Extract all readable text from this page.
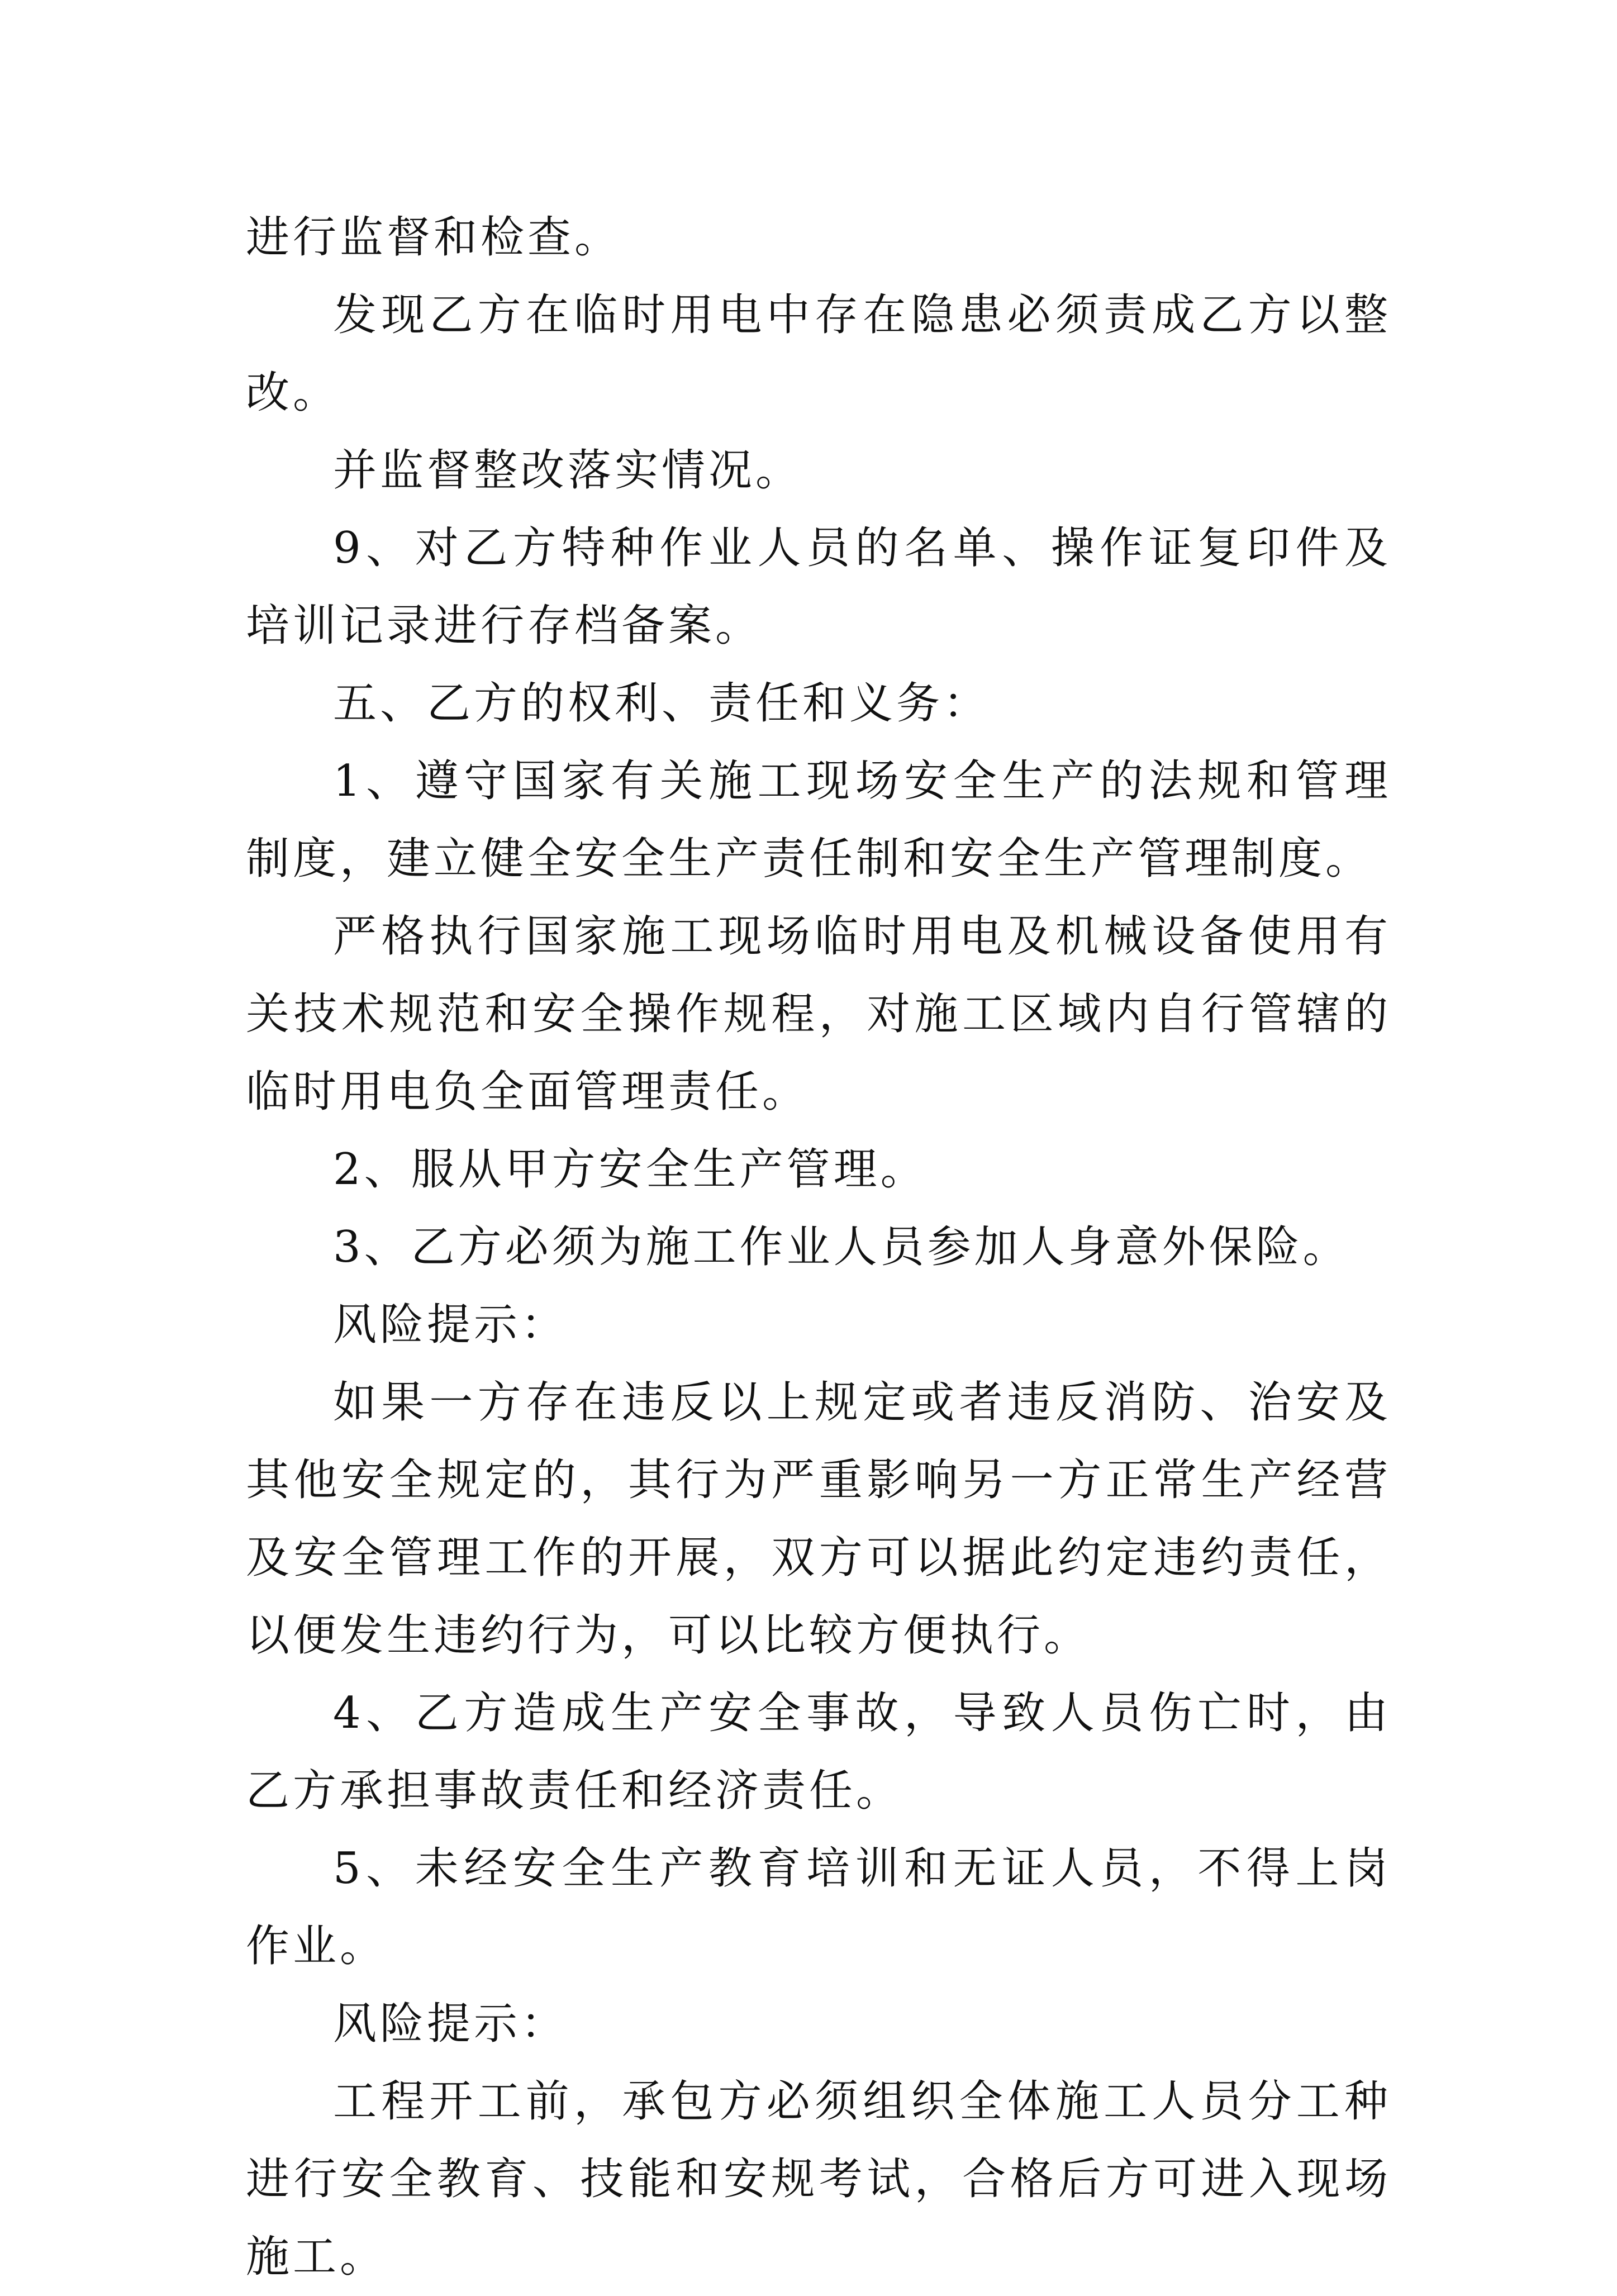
进行监督和检查。

发现乙方在临时用电中存在隐患必须责成乙方以整改。

并监督整改落实情况。

9、对乙方特种作业人员的名单、操作证复印件及培训记录进行存档备案。

五、乙方的权利、责任和义务：

1、遵守国家有关施工现场安全生产的法规和管理制度，建立健全安全生产责任制和安全生产管理制度。

严格执行国家施工现场临时用电及机械设备使用有关技术规范和安全操作规程，对施工区域内自行管辖的临时用电负全面管理责任。

2、服从甲方安全生产管理。

3、乙方必须为施工作业人员参加人身意外保险。

风险提示：

如果一方存在违反以上规定或者违反消防、治安及其他安全规定的，其行为严重影响另一方正常生产经营及安全管理工作的开展，双方可以据此约定违约责任，以便发生违约行为，可以比较方便执行。

4、乙方造成生产安全事故，导致人员伤亡时，由乙方承担事故责任和经济责任。

5、未经安全生产教育培训和无证人员，不得上岗作业。

风险提示：

工程开工前，承包方必须组织全体施工人员分工种进行安全教育、技能和安规考试，合格后方可进入现场施工。
